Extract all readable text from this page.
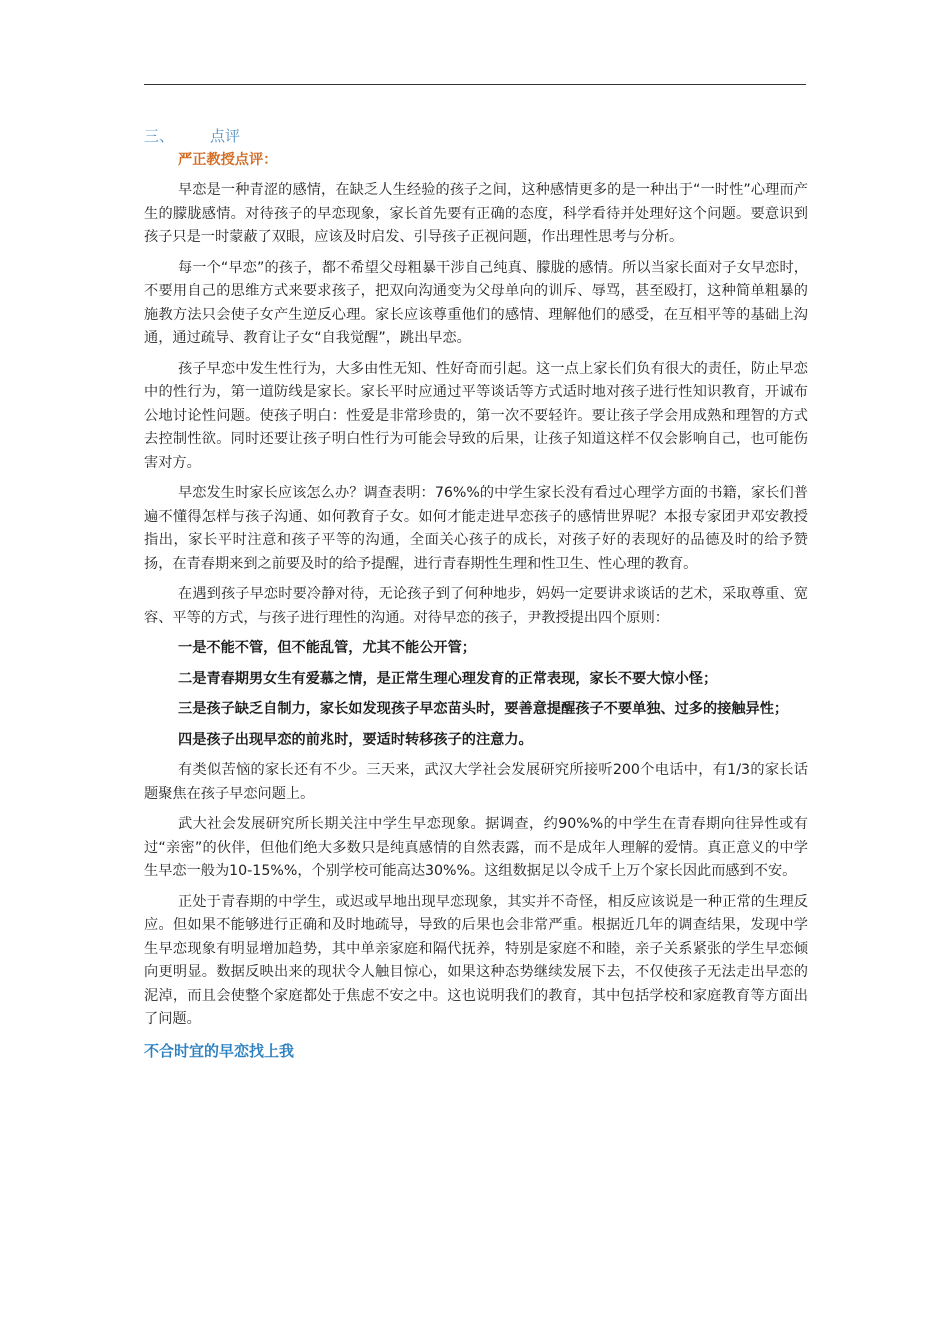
三、 点评
严正教授点评：

早恋是一种青涩的感情，在缺乏人生经验的孩子之间，这种感情更多的是一种出于“一时性”心理而产生的朦胧感情。对待孩子的早恋现象，家长首先要有正确的态度，科学看待并处理好这个问题。要意识到孩子只是一时蒙蔽了双眼，应该及时启发、引导孩子正视问题，作出理性思考与分析。

每一个“早恋”的孩子，都不希望父母粗暴干涉自己纯真、朦胧的感情。所以当家长面对子女早恋时，不要用自己的思维方式来要求孩子，把双向沟通变为父母单向的训斥、辱骂，甚至殴打，这种简单粗暴的施教方法只会使子女产生逆反心理。家长应该尊重他们的感情、理解他们的感受，在互相平等的基础上沟通，通过疏导、教育让子女“自我觉醒”，跳出早恋。

孩子早恋中发生性行为，大多由性无知、性好奇而引起。这一点上家长们负有很大的责任，防止早恋中的性行为，第一道防线是家长。家长平时应通过平等谈话等方式适时地对孩子进行性知识教育，开诚布公地讨论性问题。使孩子明白：性爱是非常珍贵的，第一次不要轻许。要让孩子学会用成熟和理智的方式去控制性欲。同时还要让孩子明白性行为可能会导致的后果，让孩子知道这样不仅会影响自己，也可能伤害对方。

早恋发生时家长应该怎么办？调查表明：76%%的中学生家长没有看过心理学方面的书籍，家长们普遍不懂得怎样与孩子沟通、如何教育子女。如何才能走进早恋孩子的感情世界呢？本报专家团尹邓安教授指出，家长平时注意和孩子平等的沟通，全面关心孩子的成长，对孩子好的表现好的品德及时的给予赞扬，在青春期来到之前要及时的给予提醒，进行青春期性生理和性卫生、性心理的教育。

在遇到孩子早恋时要冷静对待，无论孩子到了何种地步，妈妈一定要讲求谈话的艺术，采取尊重、宽容、平等的方式，与孩子进行理性的沟通。对待早恋的孩子，尹教授提出四个原则：

一是不能不管，但不能乱管，尤其不能公开管；

二是青春期男女生有爱慕之情，是正常生理心理发育的正常表现，家长不要大惊小怪；

三是孩子缺乏自制力，家长如发现孩子早恋苗头时，要善意提醒孩子不要单独、过多的接触异性；

四是孩子出现早恋的前兆时，要适时转移孩子的注意力。

有类似苦恼的家长还有不少。三天来，武汉大学社会发展研究所接听200个电话中，有1/3的家长话题聚焦在孩子早恋问题上。

武大社会发展研究所长期关注中学生早恋现象。据调查，约90%%的中学生在青春期向往异性或有过“亲密”的伙伴，但他们绝大多数只是纯真感情的自然表露，而不是成年人理解的爱情。真正意义的中学生早恋一般为10-15%%，个别学校可能高达30%%。这组数据足以令成千上万个家长因此而感到不安。

正处于青春期的中学生，或迟或早地出现早恋现象，其实并不奇怪，相反应该说是一种正常的生理反应。但如果不能够进行正确和及时地疏导，导致的后果也会非常严重。根据近几年的调查结果，发现中学生早恋现象有明显增加趋势，其中单亲家庭和隔代抚养，特别是家庭不和睦，亲子关系紧张的学生早恋倾向更明显。数据反映出来的现状令人触目惊心，如果这种态势继续发展下去，不仅使孩子无法走出早恋的泥淖，而且会使整个家庭都处于焦虑不安之中。这也说明我们的教育，其中包括学校和家庭教育等方面出了问题。

不合时宜的早恋找上我
